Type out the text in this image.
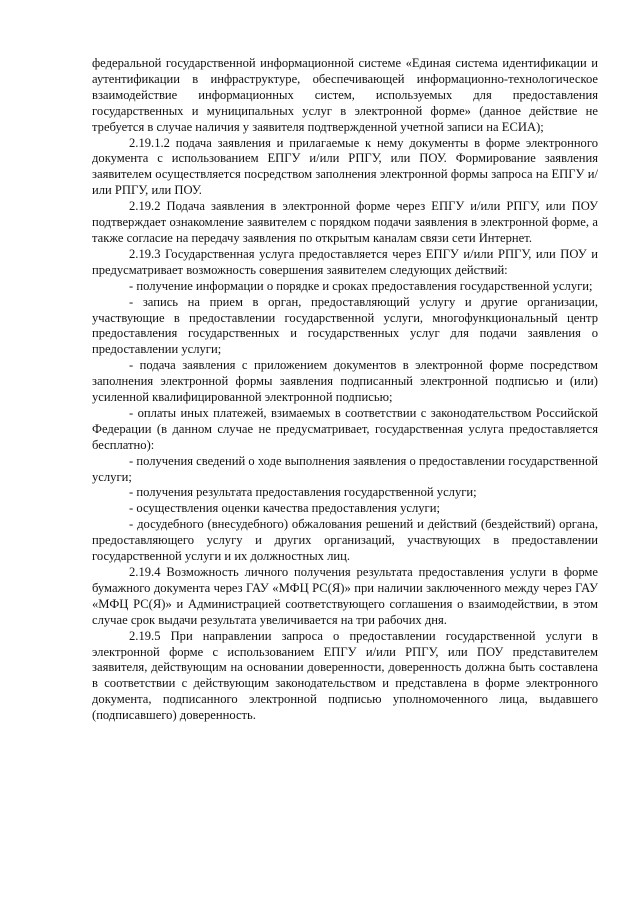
федеральной государственной информационной системе «Единая система идентификации и аутентификации в инфраструктуре, обеспечивающей информационно-технологическое взаимодействие информационных систем, используемых для предоставления государственных и муниципальных услуг в электронной форме» (данное действие не требуется в случае наличия у заявителя подтвержденной учетной записи на ЕСИА);

2.19.1.2 подача заявления и прилагаемые к нему документы в форме электронного документа с использованием ЕПГУ и/или РПГУ, или ПОУ. Формирование заявления заявителем осуществляется посредством заполнения электронной формы запроса на ЕПГУ и/или РПГУ, или ПОУ.

2.19.2 Подача заявления в электронной форме через ЕПГУ и/или РПГУ, или ПОУ подтверждает ознакомление заявителем с порядком подачи заявления в электронной форме, а также согласие на передачу заявления по открытым каналам связи сети Интернет.

2.19.3 Государственная услуга предоставляется через ЕПГУ и/или РПГУ, или ПОУ и предусматривает возможность совершения заявителем следующих действий:

- получение информации о порядке и сроках предоставления государственной услуги;

- запись на прием в орган, предоставляющий услугу и другие организации, участвующие в предоставлении государственной услуги, многофункциональный центр предоставления государственных и государственных услуг для подачи заявления о предоставлении услуги;

- подача заявления с приложением документов в электронной форме посредством заполнения электронной формы заявления подписанный электронной подписью и (или) усиленной квалифицированной электронной подписью;

- оплаты иных платежей, взимаемых в соответствии с законодательством Российской Федерации (в данном случае не предусматривает, государственная услуга предоставляется бесплатно):

- получения сведений о ходе выполнения заявления о предоставлении государственной услуги;

- получения результата предоставления государственной услуги;

- осуществления оценки качества предоставления услуги;

- досудебного (внесудебного) обжалования решений и действий (бездействий) органа, предоставляющего услугу и других организаций, участвующих в предоставлении государственной услуги и их должностных лиц.

2.19.4 Возможность личного получения результата предоставления услуги в форме бумажного документа через ГАУ «МФЦ РС(Я)» при наличии заключенного между через ГАУ «МФЦ РС(Я)» и Администрацией соответствующего соглашения о взаимодействии, в этом случае срок выдачи результата увеличивается на три рабочих дня.

2.19.5 При направлении запроса о предоставлении государственной услуги в электронной форме с использованием ЕПГУ и/или РПГУ, или ПОУ представителем заявителя, действующим на основании доверенности, доверенность должна быть составлена в соответствии с действующим законодательством и представлена в форме электронного документа, подписанного электронной подписью уполномоченного лица, выдавшего (подписавшего) доверенность.
